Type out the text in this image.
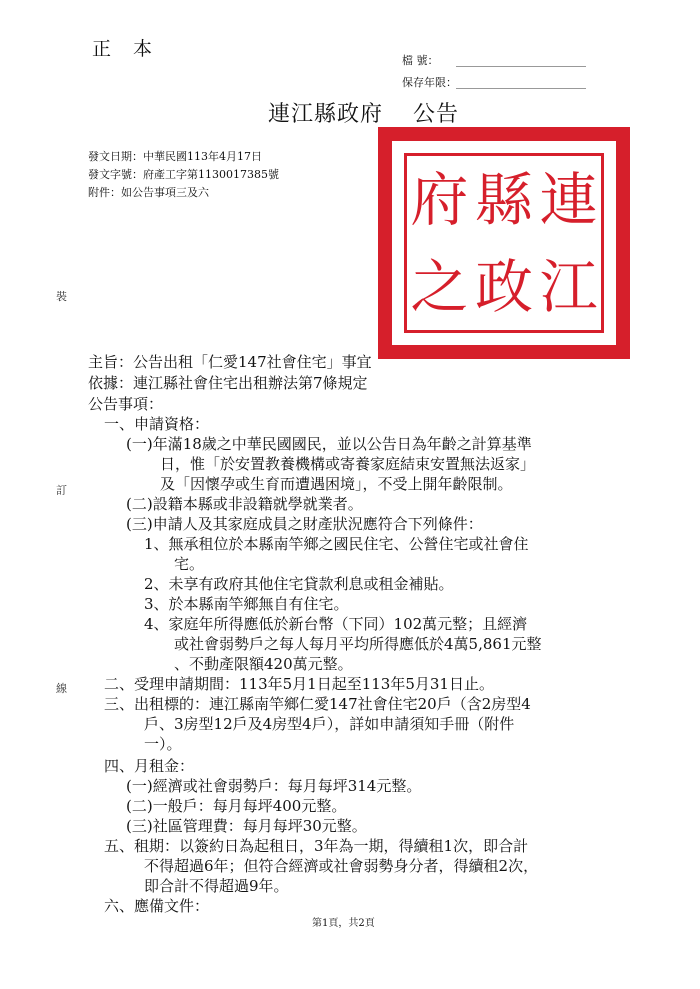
正 本
檔 號：
保存年限：
連江縣政府 公告
發文日期：中華民國113年4月17日
發文字號：府產工字第1130017385號
附件：如公告事項三及六	府 縣 連
之 政 江
裝
訂
線
主旨：公告出租「仁愛147社會住宅」事宜
依據：連江縣社會住宅出租辦法第7條規定
公告事項：
一、申請資格：
(一)年滿18歲之中華民國國民，並以公告日為年齡之計算基準
日，惟「於安置教養機構或寄養家庭結束安置無法返家」
及「因懷孕或生育而遭遇困境」，不受上開年齡限制。
(二)設籍本縣或非設籍就學就業者。
(三)申請人及其家庭成員之財產狀況應符合下列條件：
1、無承租位於本縣南竿鄉之國民住宅、公營住宅或社會住
宅。
2、未享有政府其他住宅貸款利息或租金補貼。
3、於本縣南竿鄉無自有住宅。
4、家庭年所得應低於新台幣（下同）102萬元整；且經濟
或社會弱勢戶之每人每月平均所得應低於4萬5,861元整
、不動產限額420萬元整。
二、受理申請期間：113年5月1日起至113年5月31日止。
三、出租標的：連江縣南竿鄉仁愛147社會住宅20戶（含2房型4
戶、3房型12戶及4房型4戶），詳如申請須知手冊（附件
一）。
四、月租金：
(一)經濟或社會弱勢戶：每月每坪314元整。
(二)一般戶：每月每坪400元整。
(三)社區管理費：每月每坪30元整。
五、租期：以簽約日為起租日，3年為一期，得續租1次，即合計
不得超過6年；但符合經濟或社會弱勢身分者，得續租2次，
即合計不得超過9年。
六、應備文件：
第1頁，共2頁
